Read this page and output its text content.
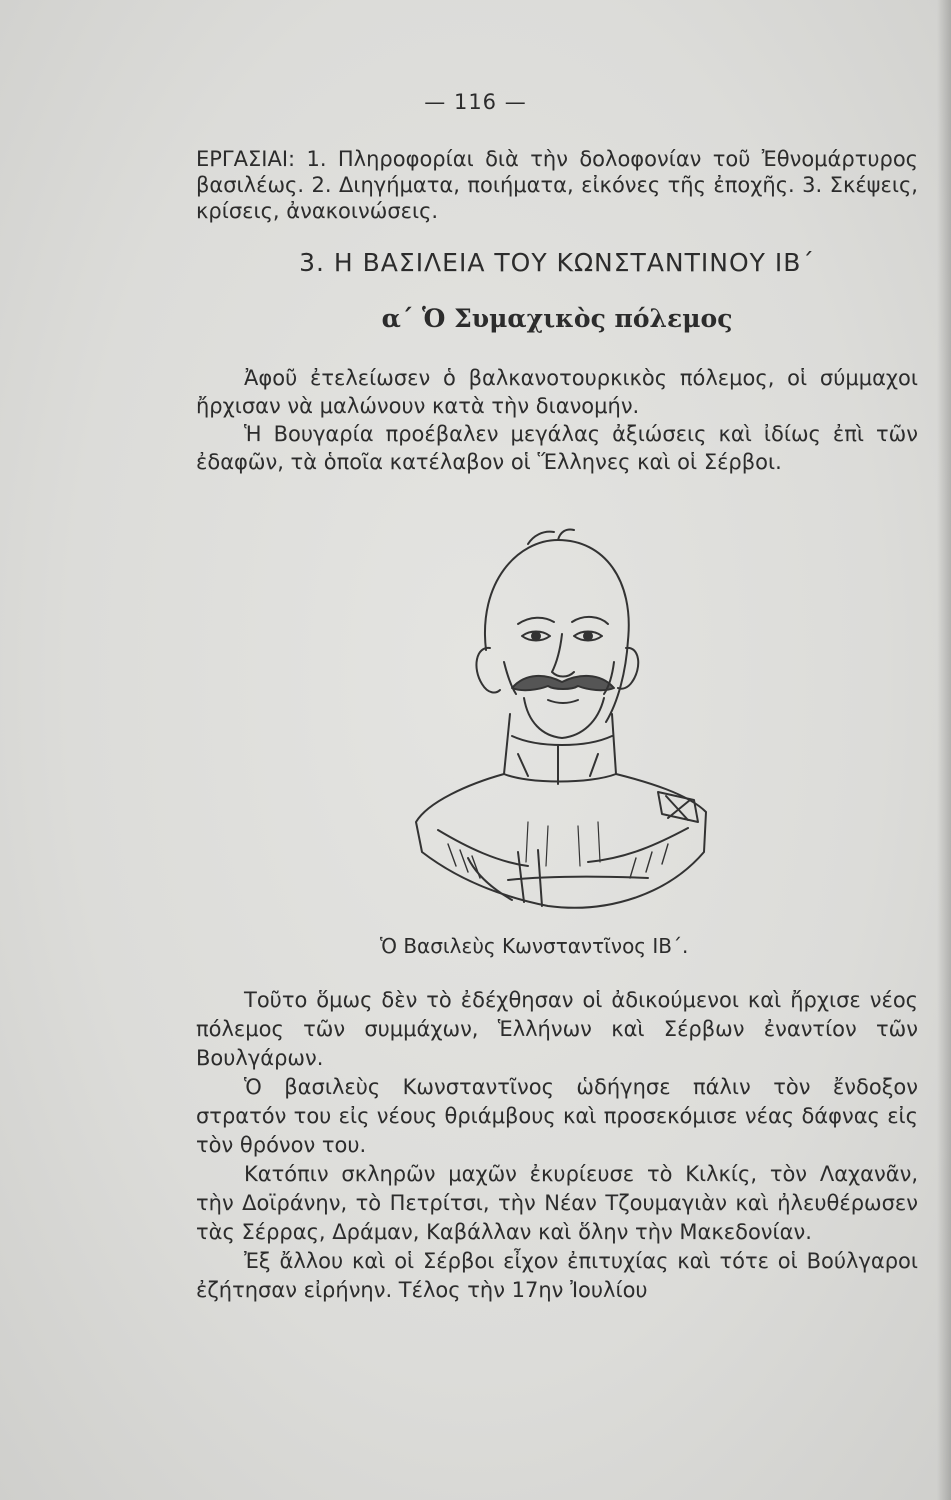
— 116 —

ΕΡΓΑΣΙΑΙ: 1. Πληροφορίαι διὰ τὴν δολοφονίαν τοῦ Ἐθνομάρτυρος βασιλέως. 2. Διηγήματα, ποιήματα, εἰκόνες τῆς ἐποχῆς. 3. Σκέψεις, κρίσεις, ἀνακοινώσεις.

3. Η ΒΑΣΙΛΕΙΑ ΤΟΥ ΚΩΝΣΤΑΝΤΙΝΟΥ ΙΒ΄
α΄ Ὁ Συμαχικὸς πόλεμος

Ἀφοῦ ἐτελείωσεν ὁ βαλκανοτουρκικὸς πόλεμος, οἱ σύμμαχοι ἤρχισαν νὰ μαλώνουν κατὰ τὴν διανομήν.

Ἡ Βουγαρία προέβαλεν μεγάλας ἀξιώσεις καὶ ἰδίως ἐπὶ τῶν ἐδαφῶν, τὰ ὁποῖα κατέλαβον οἱ Ἕλληνες καὶ οἱ Σέρβοι.

Ὁ Βασιλεὺς Κωνσταντῖνος ΙΒ΄.

Τοῦτο ὅμως δὲν τὸ ἐδέχθησαν οἱ ἀδικούμενοι καὶ ἤρχισε νέος πόλεμος τῶν συμμάχων, Ἑλλήνων καὶ Σέρβων ἐναντίον τῶν Βουλγάρων.

Ὁ βασιλεὺς Κωνσταντῖνος ὡδήγησε πάλιν τὸν ἔνδοξον στρατόν του εἰς νέους θριάμβους καὶ προσεκόμισε νέας δάφνας εἰς τὸν θρόνον του.

Κατόπιν σκληρῶν μαχῶν ἐκυρίευσε τὸ Κιλκίς, τὸν Λαχανᾶν, τὴν Δοϊράνην, τὸ Πετρίτσι, τὴν Νέαν Τζουμαγιὰν καὶ ἠλευθέρωσεν τὰς Σέρρας, Δράμαν, Καβάλλαν καὶ ὅλην τὴν Μακεδονίαν.

Ἐξ ἄλλου καὶ οἱ Σέρβοι εἶχον ἐπιτυχίας καὶ τότε οἱ Βούλγαροι ἐζήτησαν εἰρήνην. Τέλος τὴν 17ην Ἰουλίου
